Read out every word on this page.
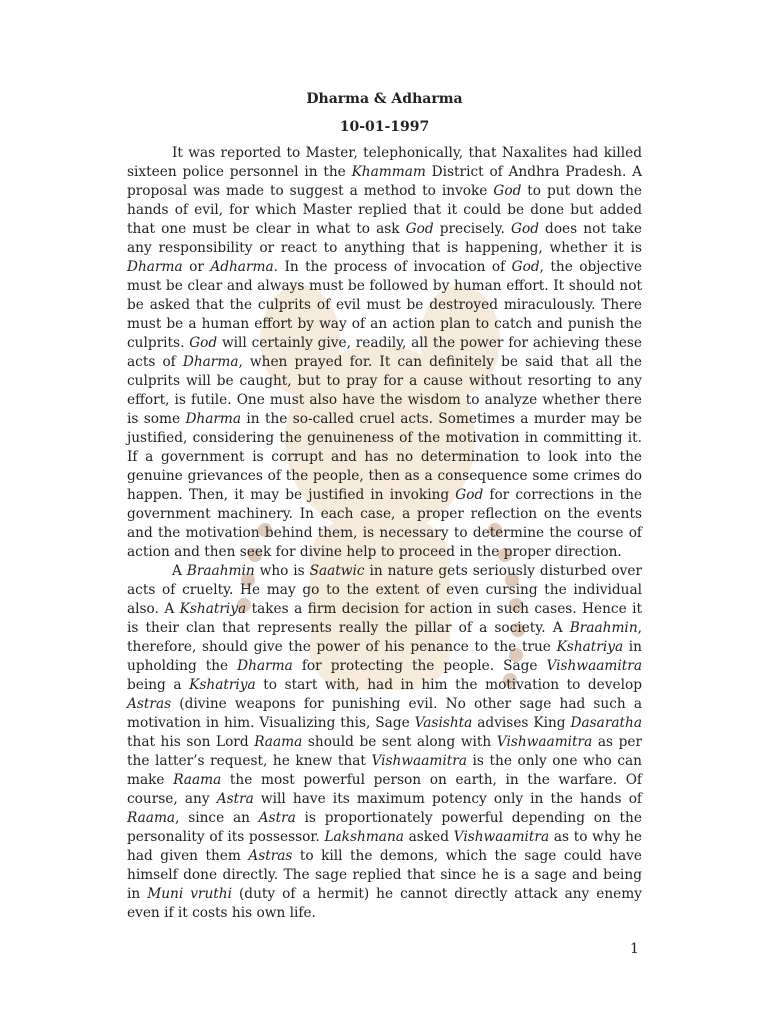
Dharma & Adharma
10-01-1997

It was reported to Master, telephonically, that Naxalites had killed sixteen police personnel in the Khammam District of Andhra Pradesh. A proposal was made to suggest a method to invoke God to put down the hands of evil, for which Master replied that it could be done but added that one must be clear in what to ask God precisely. God does not take any responsibility or react to anything that is happening, whether it is Dharma or Adharma. In the process of invocation of God, the objective must be clear and always must be followed by human effort. It should not be asked that the culprits of evil must be destroyed miraculously. There must be a human effort by way of an action plan to catch and punish the culprits. God will certainly give, readily, all the power for achieving these acts of Dharma, when prayed for. It can definitely be said that all the culprits will be caught, but to pray for a cause without resorting to any effort, is futile. One must also have the wisdom to analyze whether there is some Dharma in the so-called cruel acts. Sometimes a murder may be justified, considering the genuineness of the motivation in committing it. If a government is corrupt and has no determination to look into the genuine grievances of the people, then as a consequence some crimes do happen. Then, it may be justified in invoking God for corrections in the government machinery. In each case, a proper reflection on the events and the motivation behind them, is necessary to determine the course of action and then seek for divine help to proceed in the proper direction.

A Braahmin who is Saatwic in nature gets seriously disturbed over acts of cruelty. He may go to the extent of even cursing the individual also. A Kshatriya takes a firm decision for action in such cases. Hence it is their clan that represents really the pillar of a society. A Braahmin, therefore, should give the power of his penance to the true Kshatriya in upholding the Dharma for protecting the people. Sage Vishwaamitra being a Kshatriya to start with, had in him the motivation to develop Astras (divine weapons for punishing evil. No other sage had such a motivation in him. Visualizing this, Sage Vasishta advises King Dasaratha that his son Lord Raama should be sent along with Vishwaamitra as per the latter’s request, he knew that Vishwaamitra is the only one who can make Raama the most powerful person on earth, in the warfare. Of course, any Astra will have its maximum potency only in the hands of Raama, since an Astra is proportionately powerful depending on the personality of its possessor. Lakshmana asked Vishwaamitra as to why he had given them Astras to kill the demons, which the sage could have himself done directly. The sage replied that since he is a sage and being in Muni vruthi (duty of a hermit) he cannot directly attack any enemy even if it costs his own life.

1
